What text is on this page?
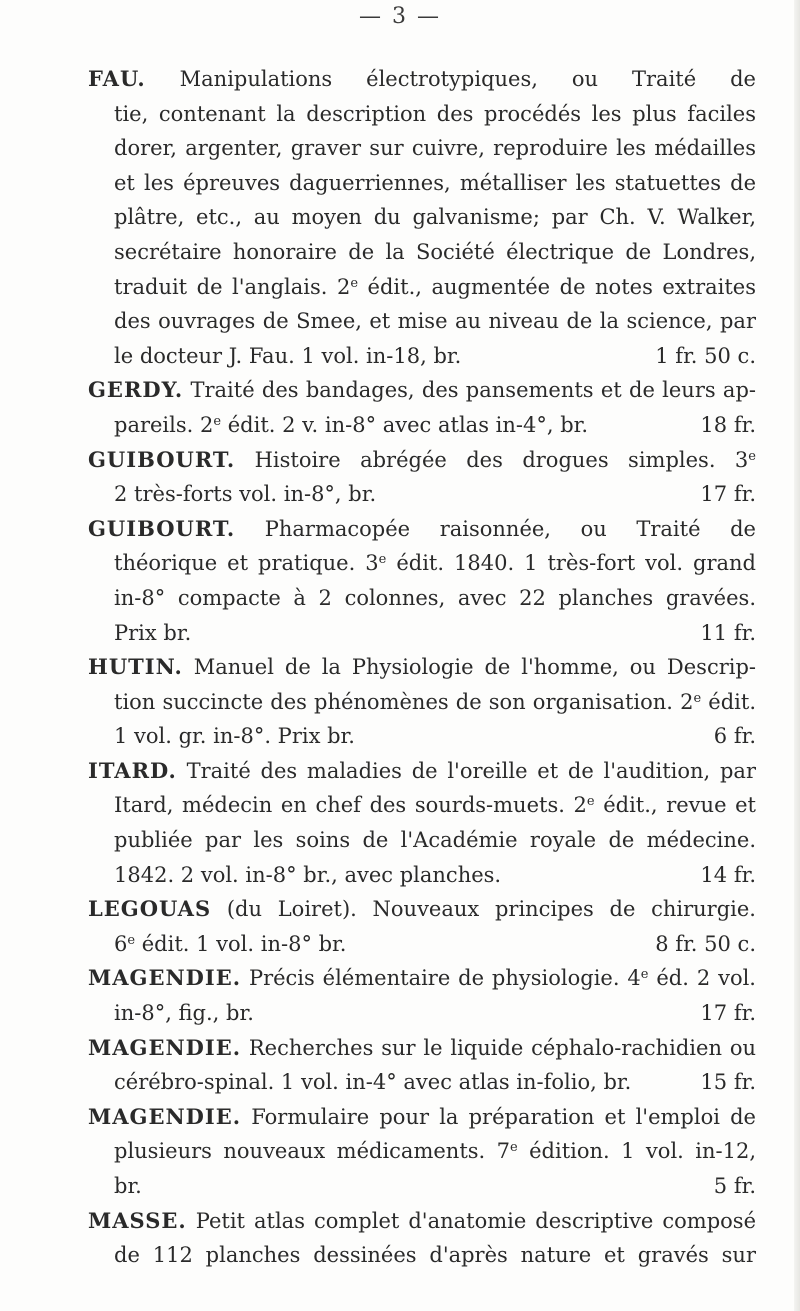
— 3 —
FAU. Manipulations électrotypiques, ou Traité de
tie, contenant la description des procédés les plus faciles
dorer, argenter, graver sur cuivre, reproduire les médailles
et les épreuves daguerriennes, métalliser les statuettes de
plâtre, etc., au moyen du galvanisme; par Ch. V. Walker,
secrétaire honoraire de la Société électrique de Londres,
traduit de l'anglais. 2e édit., augmentée de notes extraites
des ouvrages de Smee, et mise au niveau de la science, par
le docteur J. Fau. 1 vol. in-18, br.	1 fr. 50 c.
GERDY. Traité des bandages, des pansements et de leurs ap-
pareils. 2e édit. 2 v. in-8° avec atlas in-4°, br.	18 fr.
GUIBOURT. Histoire abrégée des drogues simples. 3e
2 très-forts vol. in-8°, br.	17 fr.
GUIBOURT. Pharmacopée raisonnée, ou Traité de
théorique et pratique. 3e édit. 1840. 1 très-fort vol. grand
in-8° compacte à 2 colonnes, avec 22 planches gravées.
Prix br.	11 fr.
HUTIN. Manuel de la Physiologie de l'homme, ou Descrip-
tion succincte des phénomènes de son organisation. 2e édit.
1 vol. gr. in-8°. Prix br.	6 fr.
ITARD. Traité des maladies de l'oreille et de l'audition, par
Itard, médecin en chef des sourds-muets. 2e édit., revue et
publiée par les soins de l'Académie royale de médecine.
1842. 2 vol. in-8° br., avec planches.	14 fr.
LEGOUAS (du Loiret). Nouveaux principes de chirurgie.
6e édit. 1 vol. in-8° br.	8 fr. 50 c.
MAGENDIE. Précis élémentaire de physiologie. 4e éd. 2 vol.
in-8°, fig., br.	17 fr.
MAGENDIE. Recherches sur le liquide céphalo-rachidien ou
cérébro-spinal. 1 vol. in-4° avec atlas in-folio, br.	15 fr.
MAGENDIE. Formulaire pour la préparation et l'emploi de
plusieurs nouveaux médicaments. 7e édition. 1 vol. in-12,
br.	5 fr.
MASSE. Petit atlas complet d'anatomie descriptive composé
de 112 planches dessinées d'après nature et gravés sur
